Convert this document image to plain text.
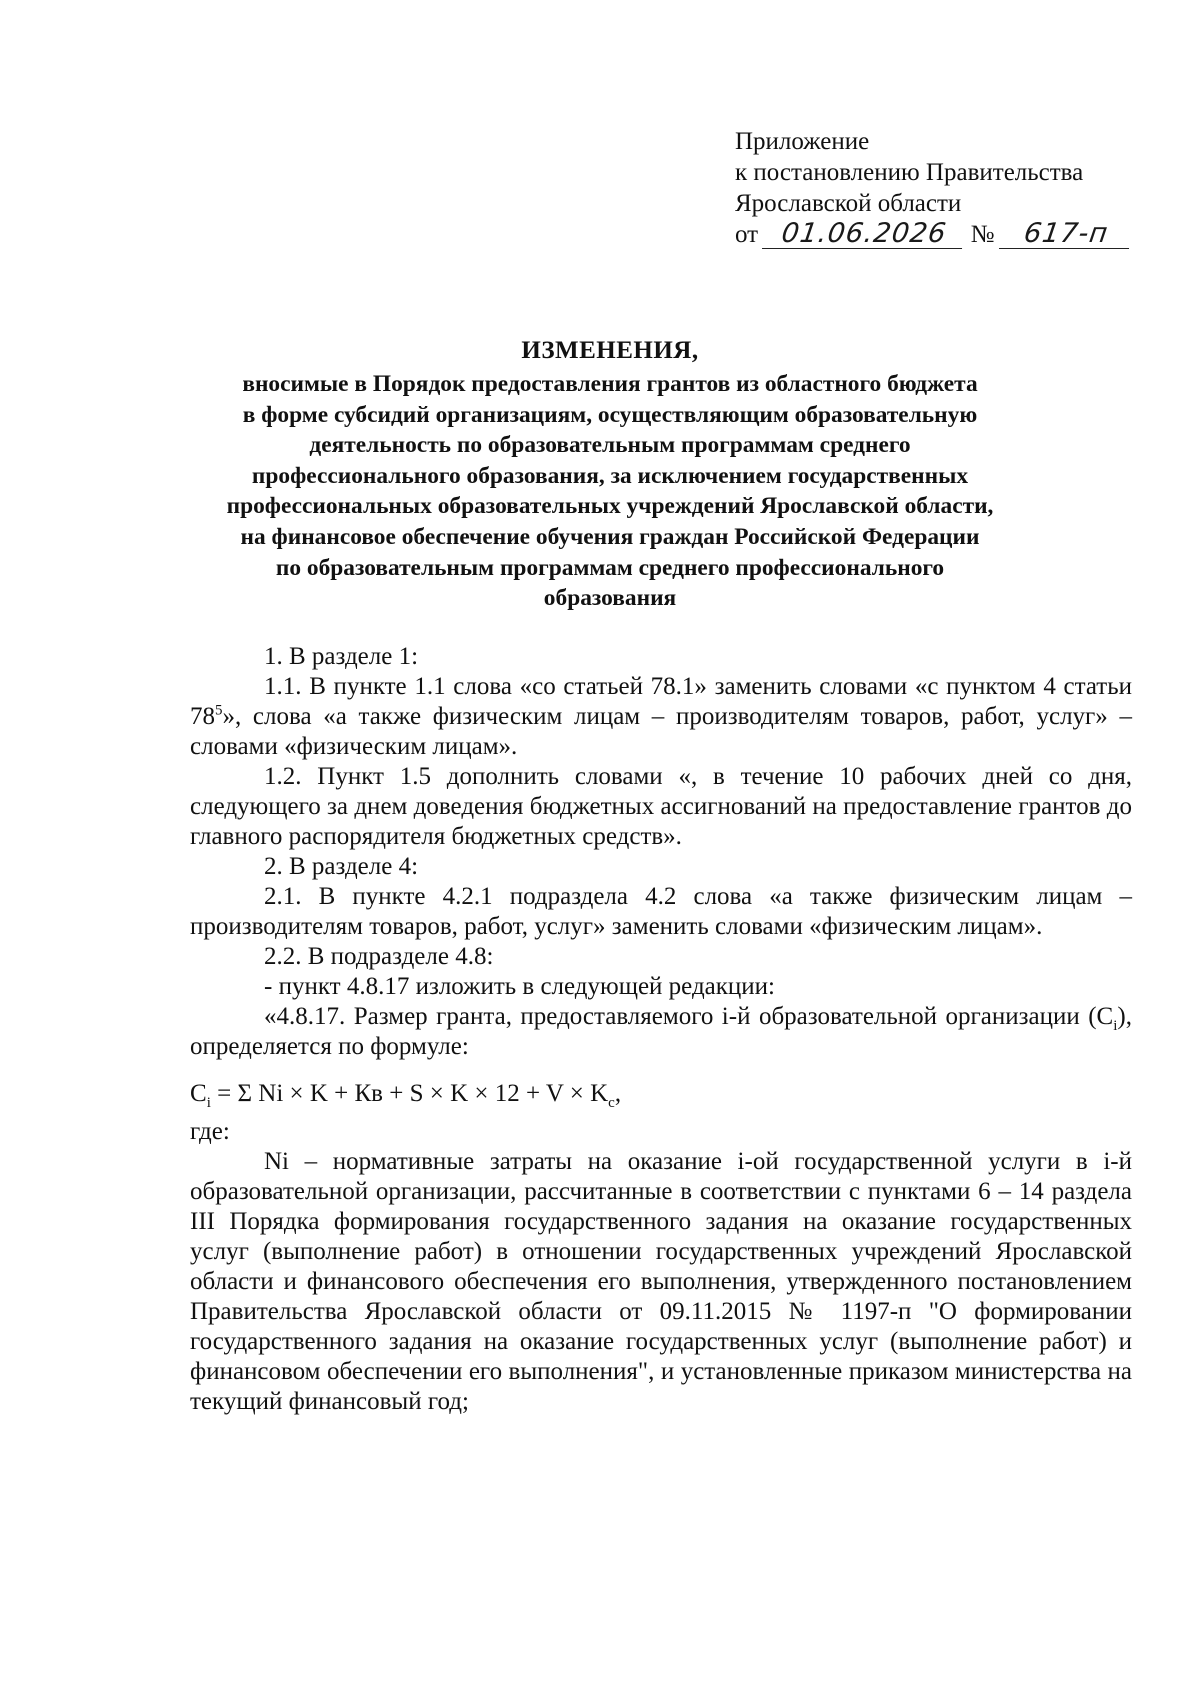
Приложение
к постановлению Правительства
Ярославской области
от 01.06.2026 № 617-п
ИЗМЕНЕНИЯ,
вносимые в Порядок предоставления грантов из областного бюджета
в форме субсидий организациям, осуществляющим образовательную
деятельность по образовательным программам среднего
профессионального образования, за исключением государственных
профессиональных образовательных учреждений Ярославской области,
на финансовое обеспечение обучения граждан Российской Федерации
по образовательным программам среднего профессионального
образования

1. В разделе 1:

1.1. В пункте 1.1 слова «со статьей 78.1» заменить словами «с пунктом 4 статьи $78^5$», слова «а также физическим лицам – производителям товаров, работ, услуг» – словами «физическим лицам».

1.2. Пункт 1.5 дополнить словами «, в течение 10 рабочих дней со дня, следующего за днем доведения бюджетных ассигнований на предоставление грантов до главного распорядителя бюджетных средств».

2. В разделе 4:

2.1. В пункте 4.2.1 подраздела 4.2 слова «а также физическим лицам – производителям товаров, работ, услуг» заменить словами «физическим лицам».

2.2. В подразделе 4.8:

- пункт 4.8.17 изложить в следующей редакции:

«4.8.17. Размер гранта, предоставляемого i-й образовательной организации $(C_i)$, определяется по формуле:

$C_i = \Sigma$ Ni × K + Кв + $S \times K \times 12 + V \times K_c$,

где:

Ni – нормативные затраты на оказание i-ой государственной услуги в i-й образовательной организации, рассчитанные в соответствии с пунктами 6 – 14 раздела III Порядка формирования государственного задания на оказание государственных услуг (выполнение работ) в отношении государственных учреждений Ярославской области и финансового обеспечения его выполнения, утвержденного постановлением Правительства Ярославской области от 09.11.2015 № 1197-п "О формировании государственного задания на оказание государственных услуг (выполнение работ) и финансовом обеспечении его выполнения", и установленные приказом министерства на текущий финансовый год;
